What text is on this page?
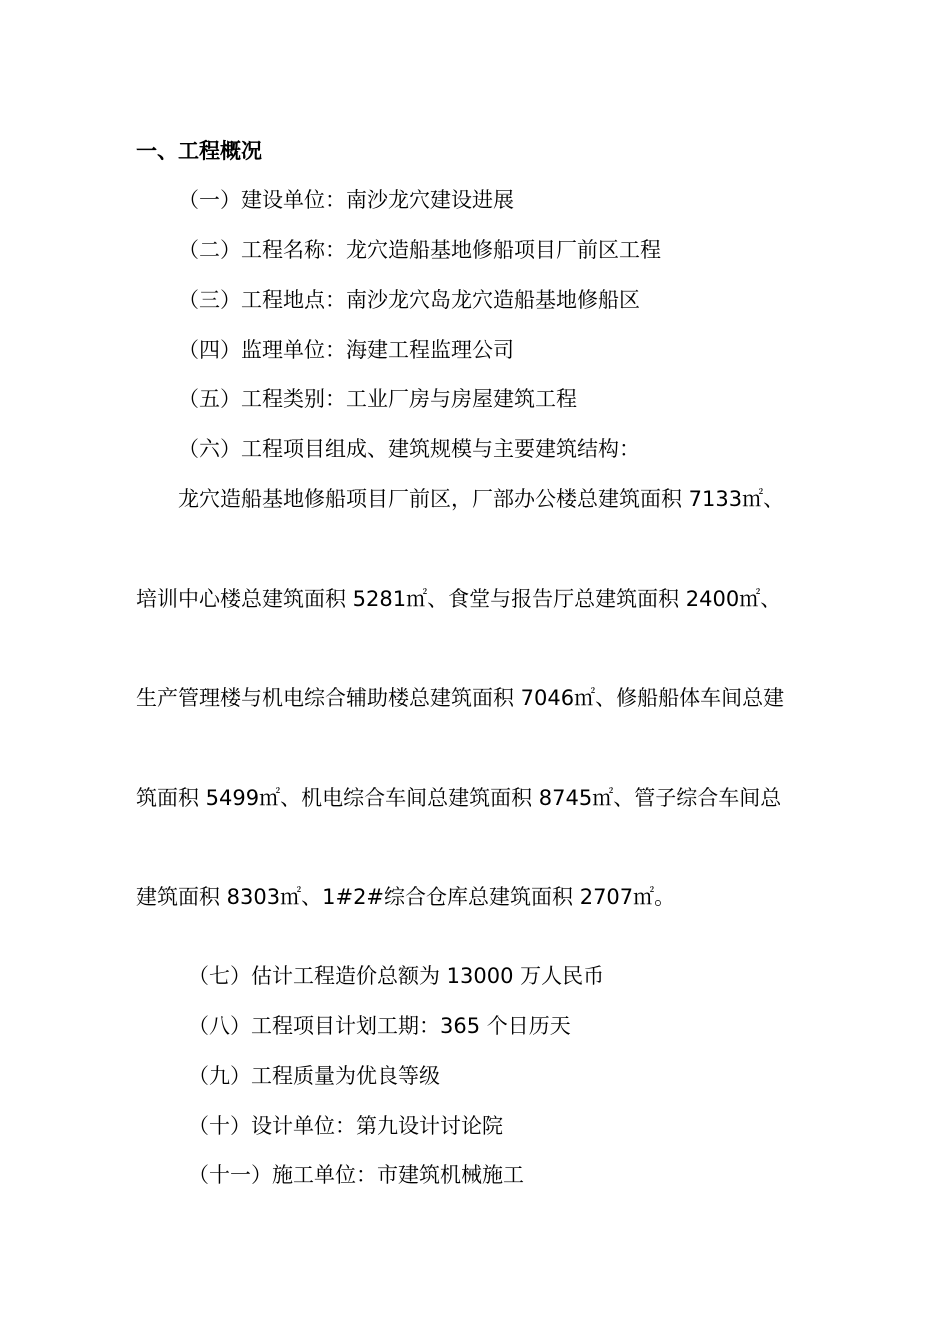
一、工程概况
（一）建设单位：南沙龙穴建设进展
（二）工程名称：龙穴造船基地修船项目厂前区工程
（三）工程地点：南沙龙穴岛龙穴造船基地修船区
（四）监理单位：海建工程监理公司
（五）工程类别：工业厂房与房屋建筑工程
（六）工程项目组成、建筑规模与主要建筑结构：
龙穴造船基地修船项目厂前区，厂部办公楼总建筑面积 7133㎡、
培训中心楼总建筑面积 5281㎡、食堂与报告厅总建筑面积 2400㎡、
生产管理楼与机电综合辅助楼总建筑面积 7046㎡、修船船体车间总建
筑面积 5499㎡、机电综合车间总建筑面积 8745㎡、管子综合车间总
建筑面积 8303㎡、1#2#综合仓库总建筑面积 2707㎡。
（七）估计工程造价总额为 13000 万人民币
（八）工程项目计划工期：365 个日历天
（九）工程质量为优良等级
（十）设计单位：第九设计讨论院
（十一）施工单位：市建筑机械施工
